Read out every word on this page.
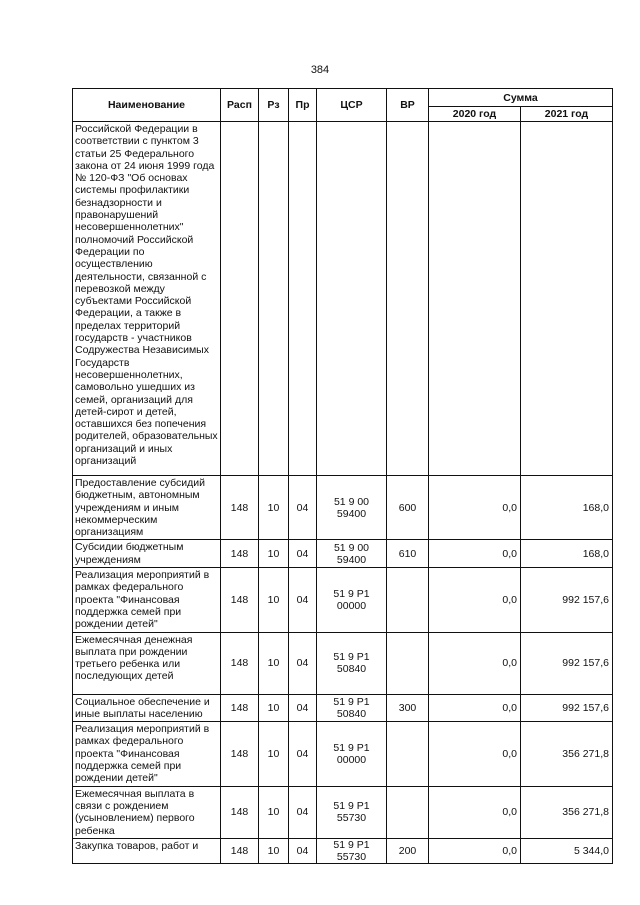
384
Наименование	Расп	Рз	Пр	ЦСР	ВР	Сумма	
						2020 год	2021 год
Российской Федерации в соответствии с пунктом 3 статьи 25 Федерального закона от 24 июня 1999 года № 120-ФЗ "Об основах системы профилактики безнадзорности и правонарушений несовершеннолетних" полномочий Российской Федерации по осуществлению деятельности, связанной с перевозкой между субъектами Российской Федерации, а также в пределах территорий государств - участников Содружества Независимых Государств несовершеннолетних, самовольно ушедших из семей, организаций для детей-сирот и детей, оставшихся без попечения родителей, образовательных организаций и иных организаций							
Предоставление субсидий бюджетным, автономным учреждениям и иным некоммерческим организациям	148	10	04	51 9 00 59400	600	0,0	168,0
Субсидии бюджетным учреждениям	148	10	04	51 9 00 59400	610	0,0	168,0
Реализация мероприятий в рамках федерального проекта "Финансовая поддержка семей при рождении детей"	148	10	04	51 9 P1 00000		0,0	992 157,6
Ежемесячная денежная выплата при рождении третьего ребенка или последующих детей	148	10	04	51 9 P1 50840		0,0	992 157,6
Социальное обеспечение и иные выплаты населению	148	10	04	51 9 P1 50840	300	0,0	992 157,6
Реализация мероприятий в рамках федерального проекта "Финансовая поддержка семей при рождении детей"	148	10	04	51 9 P1 00000		0,0	356 271,8
Ежемесячная выплата в связи с рождением (усыновлением) первого ребенка	148	10	04	51 9 P1 55730		0,0	356 271,8
Закупка товаров, работ и	148	10	04	51 9 P1 55730	200	0,0	5 344,0
